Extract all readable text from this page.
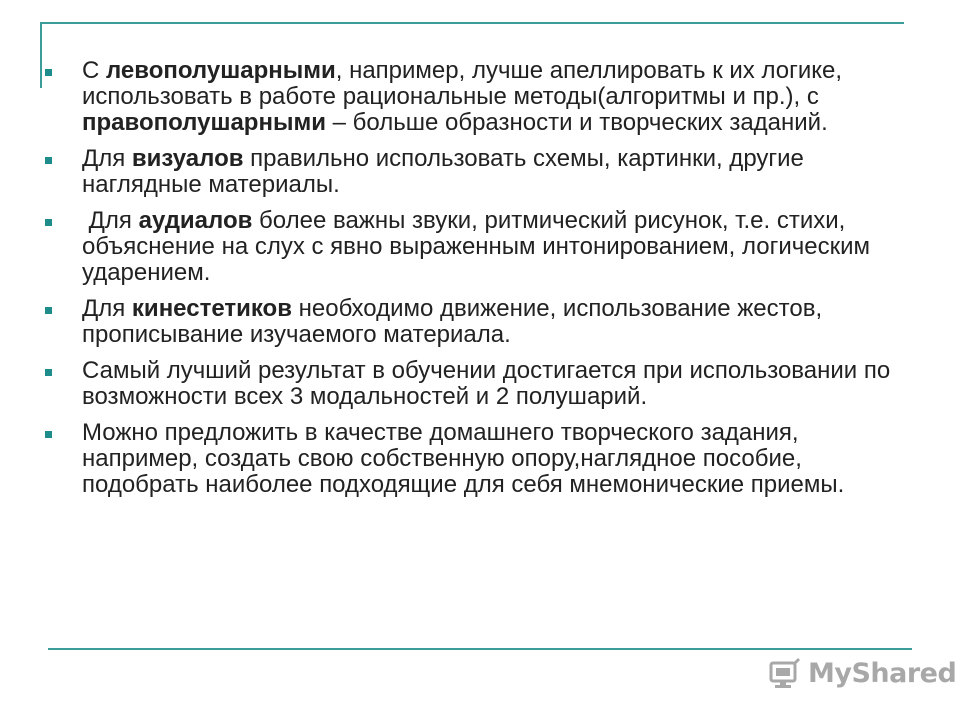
С левополушарными, например, лучше апеллировать к их логике, использовать в работе рациональные методы(алгоритмы и пр.), с правополушарными – больше образности и творческих заданий.
Для визуалов правильно использовать схемы, картинки, другие наглядные материалы.
Для аудиалов более важны звуки, ритмический рисунок, т.е. стихи, объяснение на слух с явно выраженным интонированием, логическим ударением.
Для кинестетиков необходимо движение, использование жестов, прописывание изучаемого материала.
Самый лучший результат в обучении достигается при использовании по возможности всех 3 модальностей и 2 полушарий.
Можно предложить в качестве домашнего творческого задания, например, создать свою собственную опору,наглядное пособие,  подобрать наиболее подходящие для себя мнемонические приемы.
MyShared
